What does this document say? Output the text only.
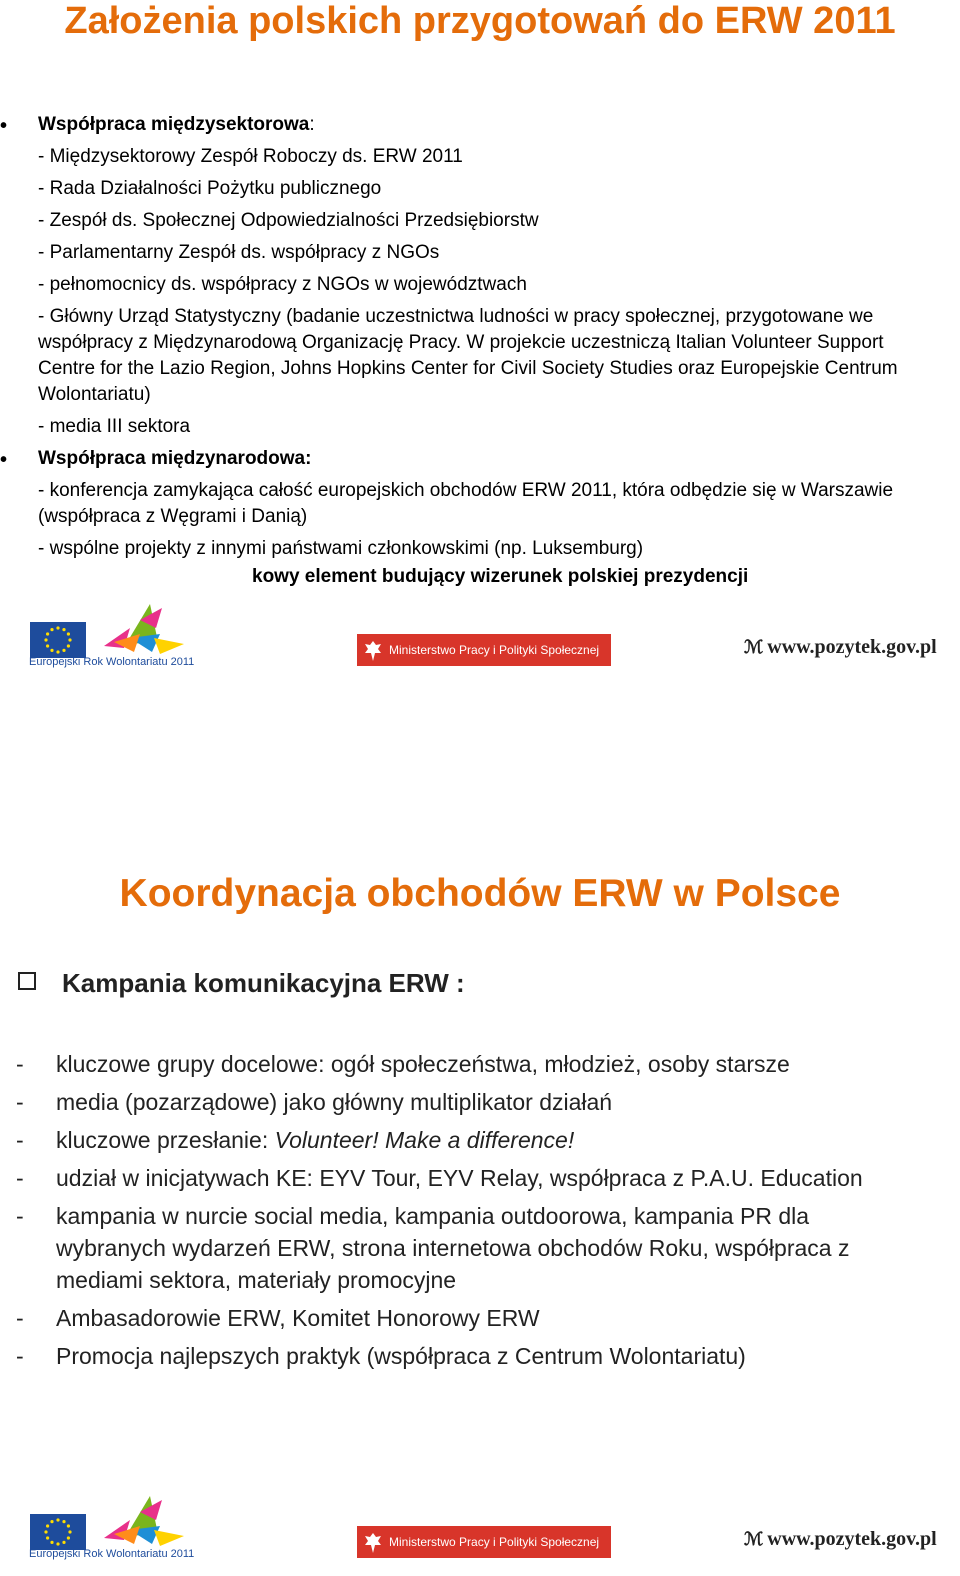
Założenia polskich przygotowań do ERW 2011
• Współpraca międzysektorowa:
- Międzysektorowy Zespół Roboczy ds. ERW 2011
- Rada Działalności Pożytku publicznego
- Zespół ds. Społecznej Odpowiedzialności Przedsiębiorstw
- Parlamentarny Zespół ds. współpracy z NGOs
- pełnomocnicy ds. współpracy z NGOs w województwach
- Główny Urząd Statystyczny (badanie uczestnictwa ludności w pracy społecznej, przygotowane we współpracy z Międzynarodową Organizację Pracy. W projekcie uczestniczą Italian Volunteer Support Centre for the Lazio Region, Johns Hopkins Center for Civil Society Studies oraz Europejskie Centrum Wolontariatu)
- media III sektora
• Współpraca międzynarodowa:
- konferencja zamykająca całość europejskich obchodów ERW 2011, która odbędzie się w Warszawie (współpraca z Węgrami i Danią)
- wspólne projekty z innymi państwami członkowskimi (np. Luksemburg)
kowy element budujący wizerunek polskiej prezydencji
Europejski Rok Wolontariatu 2011
Ministerstwo Pracy i Polityki Społecznej	ℳ www.pozytek.gov.pl
Koordynacja obchodów ERW w Polsce
Kampania komunikacyjna ERW :
- kluczowe grupy docelowe: ogół społeczeństwa, młodzież, osoby starsze
- media (pozarządowe) jako główny multiplikator działań
- kluczowe przesłanie: Volunteer! Make a difference!
- udział w inicjatywach KE: EYV Tour, EYV Relay, współpraca z P.A.U. Education
- kampania w nurcie social media, kampania outdoorowa, kampania PR dla wybranych wydarzeń ERW, strona internetowa obchodów Roku, współpraca z mediami sektora, materiały promocyjne
- Ambasadorowie ERW, Komitet Honorowy ERW
- Promocja najlepszych praktyk (współpraca z Centrum Wolontariatu)
Europejski Rok Wolontariatu 2011
Ministerstwo Pracy i Polityki Społecznej	ℳ www.pozytek.gov.pl
